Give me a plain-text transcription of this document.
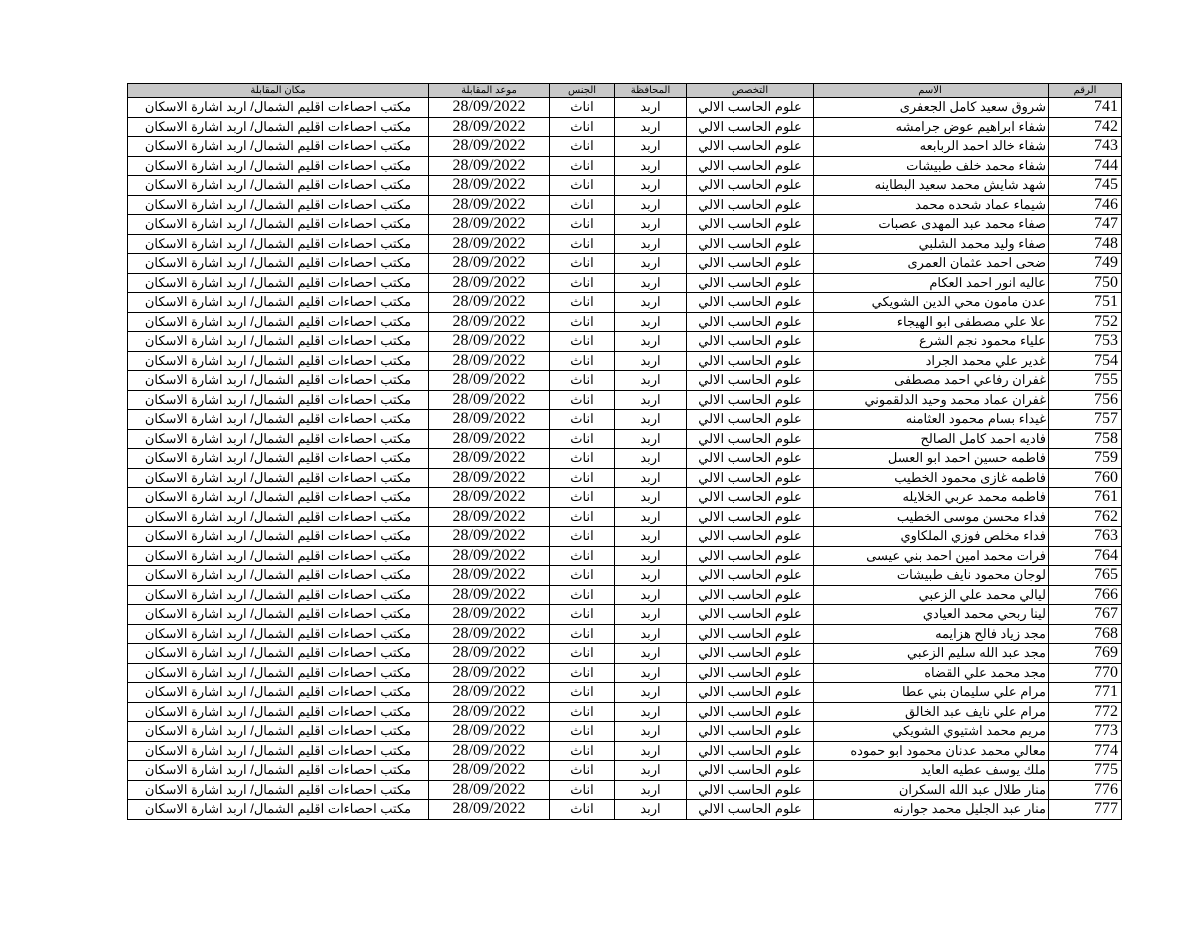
الرقم	الاسم	التخصص	المحافظة	الجنس	موعد المقابلة	مكان المقابلة
741	شروق سعيد كامل الجعفرى	علوم الحاسب الالي	اربد	اناث	28/09/2022	مكتب احصاءات اقليم الشمال/ اربد اشارة الاسكان
742	شفاء ابراهيم عوض جرامشه	علوم الحاسب الالي	اربد	اناث	28/09/2022	مكتب احصاءات اقليم الشمال/ اربد اشارة الاسكان
743	شفاء خالد احمد الربابعه	علوم الحاسب الالي	اربد	اناث	28/09/2022	مكتب احصاءات اقليم الشمال/ اربد اشارة الاسكان
744	شفاء محمد خلف طبيشات	علوم الحاسب الالي	اربد	اناث	28/09/2022	مكتب احصاءات اقليم الشمال/ اربد اشارة الاسكان
745	شهد شايش محمد سعيد البطاينه	علوم الحاسب الالي	اربد	اناث	28/09/2022	مكتب احصاءات اقليم الشمال/ اربد اشارة الاسكان
746	شيماء عماد شحده محمد	علوم الحاسب الالي	اربد	اناث	28/09/2022	مكتب احصاءات اقليم الشمال/ اربد اشارة الاسكان
747	صفاء محمد عبد المهدى عصبات	علوم الحاسب الالي	اربد	اناث	28/09/2022	مكتب احصاءات اقليم الشمال/ اربد اشارة الاسكان
748	صفاء وليد محمد الشلبي	علوم الحاسب الالي	اربد	اناث	28/09/2022	مكتب احصاءات اقليم الشمال/ اربد اشارة الاسكان
749	ضحى احمد عثمان العمرى	علوم الحاسب الالي	اربد	اناث	28/09/2022	مكتب احصاءات اقليم الشمال/ اربد اشارة الاسكان
750	عاليه انور احمد العكام	علوم الحاسب الالي	اربد	اناث	28/09/2022	مكتب احصاءات اقليم الشمال/ اربد اشارة الاسكان
751	عدن مامون محي الدين الشويكي	علوم الحاسب الالي	اربد	اناث	28/09/2022	مكتب احصاءات اقليم الشمال/ اربد اشارة الاسكان
752	علا علي مصطفى ابو الهيجاء	علوم الحاسب الالي	اربد	اناث	28/09/2022	مكتب احصاءات اقليم الشمال/ اربد اشارة الاسكان
753	علياء محمود نجم الشرع	علوم الحاسب الالي	اربد	اناث	28/09/2022	مكتب احصاءات اقليم الشمال/ اربد اشارة الاسكان
754	غدير علي محمد الجراد	علوم الحاسب الالي	اربد	اناث	28/09/2022	مكتب احصاءات اقليم الشمال/ اربد اشارة الاسكان
755	غفران رفاعي احمد مصطفى	علوم الحاسب الالي	اربد	اناث	28/09/2022	مكتب احصاءات اقليم الشمال/ اربد اشارة الاسكان
756	غفران عماد محمد وحيد الدلقموني	علوم الحاسب الالي	اربد	اناث	28/09/2022	مكتب احصاءات اقليم الشمال/ اربد اشارة الاسكان
757	غيداء بسام محمود العثامنه	علوم الحاسب الالي	اربد	اناث	28/09/2022	مكتب احصاءات اقليم الشمال/ اربد اشارة الاسكان
758	فاديه احمد كامل الصالح	علوم الحاسب الالي	اربد	اناث	28/09/2022	مكتب احصاءات اقليم الشمال/ اربد اشارة الاسكان
759	فاطمه حسين احمد ابو العسل	علوم الحاسب الالي	اربد	اناث	28/09/2022	مكتب احصاءات اقليم الشمال/ اربد اشارة الاسكان
760	فاطمه غازى محمود الخطيب	علوم الحاسب الالي	اربد	اناث	28/09/2022	مكتب احصاءات اقليم الشمال/ اربد اشارة الاسكان
761	فاطمه محمد عربي الخلايله	علوم الحاسب الالي	اربد	اناث	28/09/2022	مكتب احصاءات اقليم الشمال/ اربد اشارة الاسكان
762	فداء محسن موسى الخطيب	علوم الحاسب الالي	اربد	اناث	28/09/2022	مكتب احصاءات اقليم الشمال/ اربد اشارة الاسكان
763	فداء مخلص فوزي الملكاوي	علوم الحاسب الالي	اربد	اناث	28/09/2022	مكتب احصاءات اقليم الشمال/ اربد اشارة الاسكان
764	فرات محمد امين احمد بني عيسى	علوم الحاسب الالي	اربد	اناث	28/09/2022	مكتب احصاءات اقليم الشمال/ اربد اشارة الاسكان
765	لوجان محمود نايف طبيشات	علوم الحاسب الالي	اربد	اناث	28/09/2022	مكتب احصاءات اقليم الشمال/ اربد اشارة الاسكان
766	ليالي محمد علي الزعبي	علوم الحاسب الالي	اربد	اناث	28/09/2022	مكتب احصاءات اقليم الشمال/ اربد اشارة الاسكان
767	لينا ربحي محمد العيادي	علوم الحاسب الالي	اربد	اناث	28/09/2022	مكتب احصاءات اقليم الشمال/ اربد اشارة الاسكان
768	مجد زياد فالح هزايمه	علوم الحاسب الالي	اربد	اناث	28/09/2022	مكتب احصاءات اقليم الشمال/ اربد اشارة الاسكان
769	مجد عبد الله سليم الزعبي	علوم الحاسب الالي	اربد	اناث	28/09/2022	مكتب احصاءات اقليم الشمال/ اربد اشارة الاسكان
770	مجد محمد علي القضاه	علوم الحاسب الالي	اربد	اناث	28/09/2022	مكتب احصاءات اقليم الشمال/ اربد اشارة الاسكان
771	مرام علي سليمان بني عطا	علوم الحاسب الالي	اربد	اناث	28/09/2022	مكتب احصاءات اقليم الشمال/ اربد اشارة الاسكان
772	مرام علي نايف عبد الخالق	علوم الحاسب الالي	اربد	اناث	28/09/2022	مكتب احصاءات اقليم الشمال/ اربد اشارة الاسكان
773	مريم محمد اشتيوي الشويكي	علوم الحاسب الالي	اربد	اناث	28/09/2022	مكتب احصاءات اقليم الشمال/ اربد اشارة الاسكان
774	معالي محمد عدنان محمود ابو حموده	علوم الحاسب الالي	اربد	اناث	28/09/2022	مكتب احصاءات اقليم الشمال/ اربد اشارة الاسكان
775	ملك يوسف عطيه العايد	علوم الحاسب الالي	اربد	اناث	28/09/2022	مكتب احصاءات اقليم الشمال/ اربد اشارة الاسكان
776	منار طلال عبد الله السكران	علوم الحاسب الالي	اربد	اناث	28/09/2022	مكتب احصاءات اقليم الشمال/ اربد اشارة الاسكان
777	منار عبد الجليل محمد جوارنه	علوم الحاسب الالي	اربد	اناث	28/09/2022	مكتب احصاءات اقليم الشمال/ اربد اشارة الاسكان
